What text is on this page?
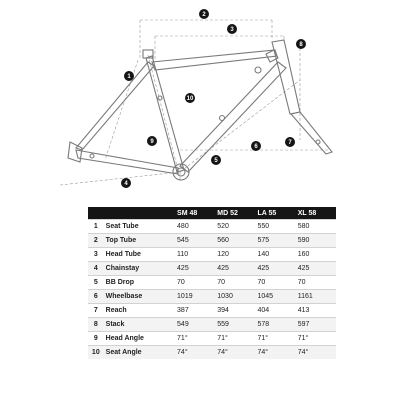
1
2
3
4
5
6
7
8
9
10
		SM 48	MD 52	LA 55	XL 58
1	Seat Tube	480	520	550	580
2	Top Tube	545	560	575	590
3	Head Tube	110	120	140	160
4	Chainstay	425	425	425	425
5	BB Drop	70	70	70	70
6	Wheelbase	1019	1030	1045	1161
7	Reach	387	394	404	413
8	Stack	549	559	578	597
9	Head Angle	71°	71°	71°	71°
10	Seat Angle	74°	74°	74°	74°
